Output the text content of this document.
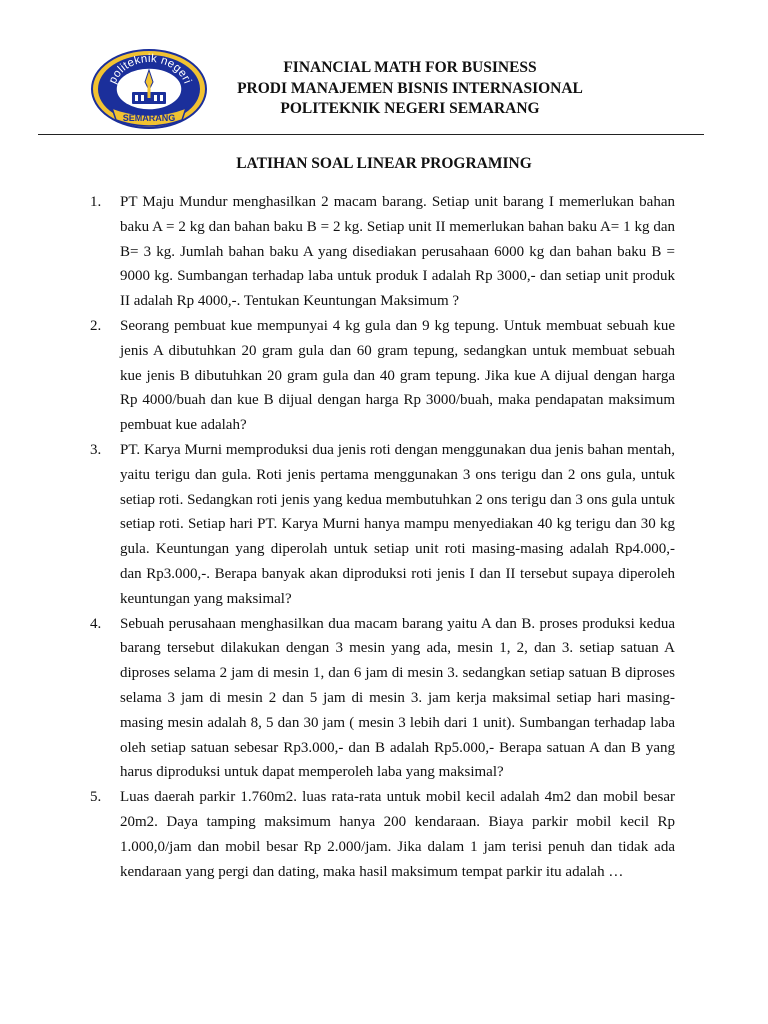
politeknik negeri
SEMARANG
FINANCIAL MATH FOR BUSINESS
PRODI MANAJEMEN BISNIS INTERNASIONAL
POLITEKNIK NEGERI SEMARANG
LATIHAN SOAL LINEAR PROGRAMING
1. PT Maju Mundur menghasilkan 2 macam barang. Setiap unit barang I memerlukan bahan baku A = 2 kg dan bahan baku B = 2 kg. Setiap unit II memerlukan bahan baku A= 1 kg dan B= 3 kg. Jumlah bahan baku A yang disediakan perusahaan 6000 kg dan bahan baku B = 9000 kg. Sumbangan terhadap laba untuk produk I adalah Rp 3000,- dan setiap unit produk II adalah Rp 4000,-. Tentukan Keuntungan Maksimum ?

2. Seorang pembuat kue mempunyai 4 kg gula dan 9 kg tepung. Untuk membuat sebuah kue jenis A dibutuhkan 20 gram gula dan 60 gram tepung, sedangkan untuk membuat sebuah kue jenis B dibutuhkan 20 gram gula dan 40 gram tepung. Jika kue A dijual dengan harga Rp 4000/buah dan kue B dijual dengan harga Rp 3000/buah, maka pendapatan maksimum pembuat kue adalah?

3. PT. Karya Murni memproduksi dua jenis roti dengan menggunakan dua jenis bahan mentah, yaitu terigu dan gula. Roti jenis pertama menggunakan 3 ons terigu dan 2 ons gula, untuk setiap roti. Sedangkan roti jenis yang kedua membutuhkan 2 ons terigu dan 3 ons gula untuk setiap roti. Setiap hari PT. Karya Murni hanya mampu menyediakan 40 kg terigu dan 30 kg gula. Keuntungan yang diperolah untuk setiap unit roti masing-masing adalah Rp4.000,- dan Rp3.000,-. Berapa banyak akan diproduksi roti jenis I dan II tersebut supaya diperoleh keuntungan yang maksimal?

4. Sebuah perusahaan menghasilkan dua macam barang yaitu A dan B. proses produksi kedua barang tersebut dilakukan dengan 3 mesin yang ada, mesin 1, 2, dan 3. setiap satuan A diproses selama 2 jam di mesin 1, dan 6 jam di mesin 3. sedangkan setiap satuan B diproses selama 3 jam di mesin 2 dan 5 jam di mesin 3. jam kerja maksimal setiap hari masing-masing mesin adalah 8, 5 dan 30 jam ( mesin 3 lebih dari 1 unit). Sumbangan terhadap laba oleh setiap satuan sebesar Rp3.000,- dan B adalah Rp5.000,- Berapa satuan A dan B yang harus diproduksi untuk dapat memperoleh laba yang maksimal?

5. Luas daerah parkir 1.760m2. luas rata-rata untuk mobil kecil adalah 4m2 dan mobil besar 20m2. Daya tamping maksimum hanya 200 kendaraan. Biaya parkir mobil kecil Rp 1.000,0/jam dan mobil besar Rp 2.000/jam. Jika dalam 1 jam terisi penuh dan tidak ada kendaraan yang pergi dan dating, maka hasil maksimum tempat parkir itu adalah …
